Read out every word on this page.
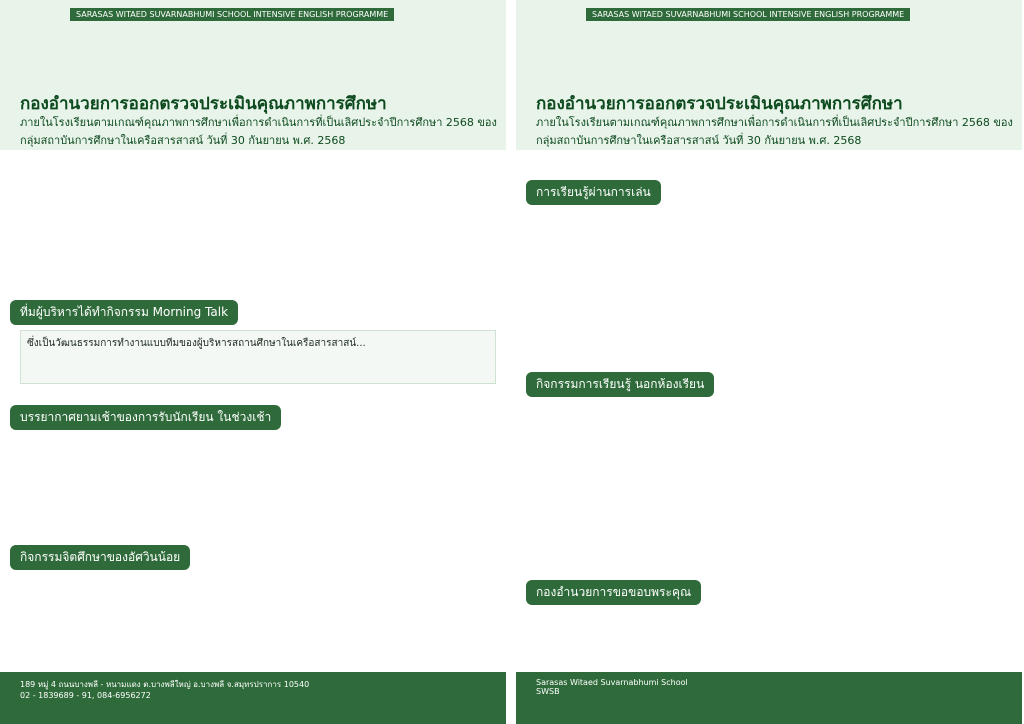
SARASAS WITAED SUVARNABHUMI SCHOOL INTENSIVE ENGLISH PROGRAMME
กองอำนวยการออกตรวจประเมินคุณภาพการศึกษา
ภายในโรงเรียนตามเกณฑ์คุณภาพการศึกษาเพื่อการดำเนินการที่เป็นเลิศประจำปีการศึกษา 2568 ของกลุ่มสถาบันการศึกษาในเครือสารสาสน์ วันที่ 30 กันยายน พ.ศ. 2568
ที่มผู้บริหารได้ทำกิจกรรม Morning Talk
ซึ่งเป็นวัฒนธรรมการทำงานแบบทีมของผู้บริหารสถานศึกษาในเครือสารสาสน์...
บรรยากาศยามเช้าของการรับนักเรียน ในช่วงเช้า
กิจกรรมจิตศึกษาของอัศวินน้อย
189 หมู่ 4 ถนนบางพลี - หนามแดง ต.บางพลีใหญ่ อ.บางพลี จ.สมุทรปราการ 10540
02 - 1839689 - 91, 084-6956272
SARASAS WITAED SUVARNABHUMI SCHOOL INTENSIVE ENGLISH PROGRAMME
กองอำนวยการออกตรวจประเมินคุณภาพการศึกษา
ภายในโรงเรียนตามเกณฑ์คุณภาพการศึกษาเพื่อการดำเนินการที่เป็นเลิศประจำปีการศึกษา 2568 ของกลุ่มสถาบันการศึกษาในเครือสารสาสน์ วันที่ 30 กันยายน พ.ศ. 2568
การเรียนรู้ผ่านการเล่น
กิจกรรมการเรียนรู้ นอกห้องเรียน
กองอำนวยการขอขอบพระคุณ
Sarasas Witaed Suvarnabhumi School
SWSB
